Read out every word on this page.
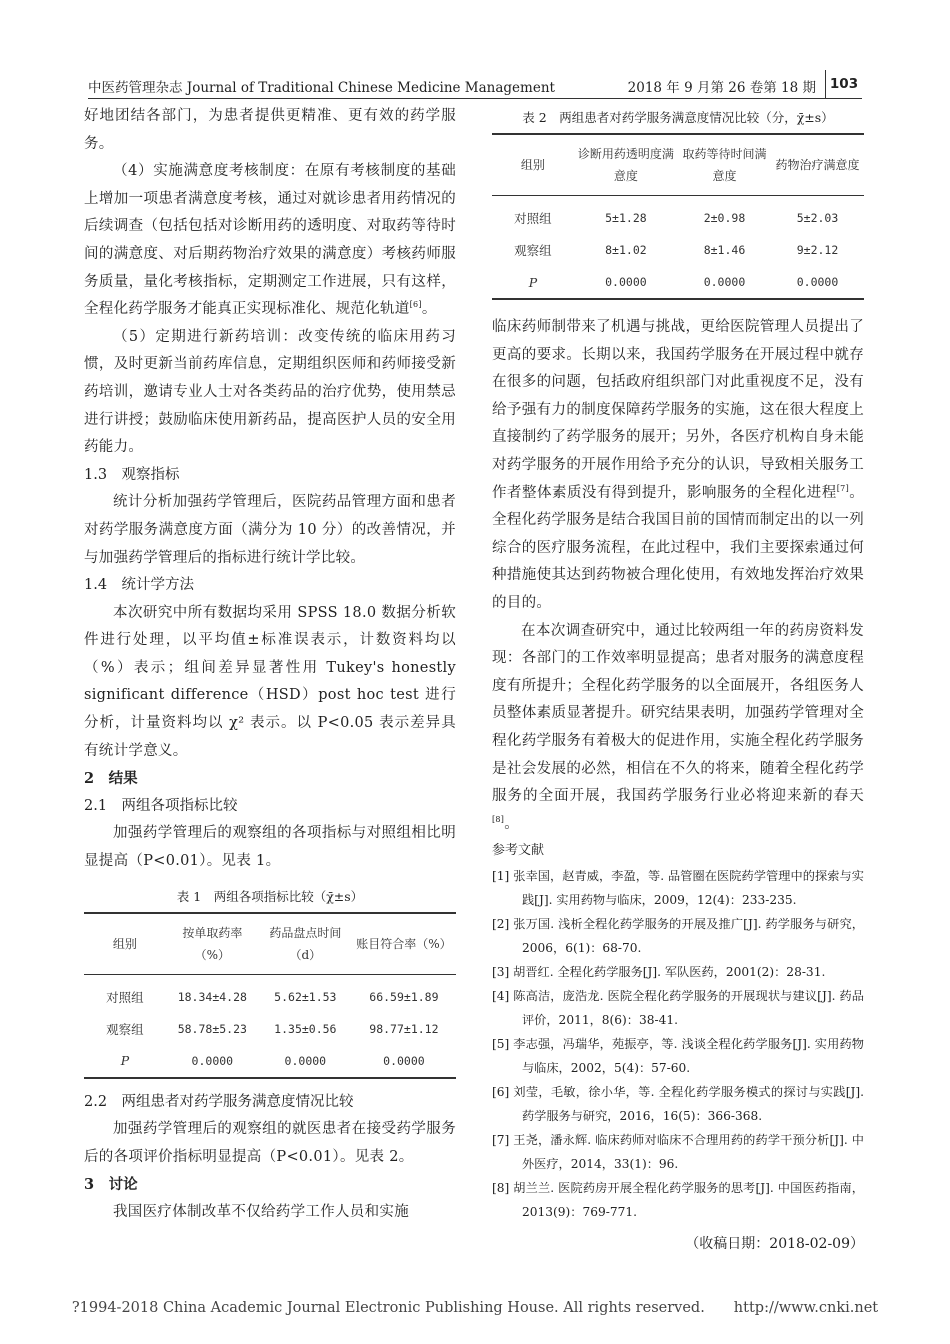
中医药管理杂志 Journal of Traditional Chinese Medicine Management	2018 年 9 月第 26 卷第 18 期	103

好地团结各部门，为患者提供更精准、更有效的药学服务。

（4）实施满意度考核制度：在原有考核制度的基础上增加一项患者满意度考核，通过对就诊患者用药情况的后续调查（包括包括对诊断用药的透明度、对取药等待时间的满意度、对后期药物治疗效果的满意度）考核药师服务质量，量化考核指标，定期测定工作进展，只有这样，全程化药学服务才能真正实现标准化、规范化轨道[6]。

（5）定期进行新药培训：改变传统的临床用药习惯，及时更新当前药库信息，定期组织医师和药师接受新药培训，邀请专业人士对各类药品的治疗优势，使用禁忌进行讲授；鼓励临床使用新药品，提高医护人员的安全用药能力。

1.3　观察指标

统计分析加强药学管理后，医院药品管理方面和患者对药学服务满意度方面（满分为 10 分）的改善情况，并与加强药学管理后的指标进行统计学比较。

1.4　统计学方法

本次研究中所有数据均采用 SPSS 18.0 数据分析软件进行处理，以平均值±标准误表示，计数资料均以（%）表示；组间差异显著性用 Tukey's honestly significant difference（HSD）post hoc test 进行分析，计量资料均以 χ² 表示。以 P<0.05 表示差异具有统计学意义。

2　结果

2.1　两组各项指标比较

加强药学管理后的观察组的各项指标与对照组相比明显提高（P<0.01）。见表 1。

表 1　两组各项指标比较（χ̄±s）

组别	按单取药率（%）	药品盘点时间（d）	账目符合率（%）
对照组	18.34±4.28	5.62±1.53	66.59±1.89
观察组	58.78±5.23	1.35±0.56	98.77±1.12
P	0.0000	0.0000	0.0000

2.2　两组患者对药学服务满意度情况比较

加强药学管理后的观察组的就医患者在接受药学服务后的各项评价指标明显提高（P<0.01）。见表 2。

3　讨论

我国医疗体制改革不仅给药学工作人员和实施

表 2　两组患者对药学服务满意度情况比较（分，χ̄±s）

组别	诊断用药透明度满意度	取药等待时间满意度	药物治疗满意度
对照组	5±1.28	2±0.98	5±2.03
观察组	8±1.02	8±1.46	9±2.12
P	0.0000	0.0000	0.0000

临床药师制带来了机遇与挑战，更给医院管理人员提出了更高的要求。长期以来，我国药学服务在开展过程中就存在很多的问题，包括政府组织部门对此重视度不足，没有给予强有力的制度保障药学服务的实施，这在很大程度上直接制约了药学服务的展开；另外，各医疗机构自身未能对药学服务的开展作用给予充分的认识，导致相关服务工作者整体素质没有得到提升，影响服务的全程化进程[7]。全程化药学服务是结合我国目前的国情而制定出的以一列综合的医疗服务流程，在此过程中，我们主要探索通过何种措施使其达到药物被合理化使用，有效地发挥治疗效果的目的。

在本次调查研究中，通过比较两组一年的药房资料发现：各部门的工作效率明显提高；患者对服务的满意度程度有所提升；全程化药学服务的以全面展开，各组医务人员整体素质显著提升。研究结果表明，加强药学管理对全程化药学服务有着极大的促进作用，实施全程化药学服务是社会发展的必然，相信在不久的将来，随着全程化药学服务的全面开展，我国药学服务行业必将迎来新的春天[8]。

参考文献

[1] 张幸国，赵青威，李盈，等. 品管圈在医院药学管理中的探索与实践[J]. 实用药物与临床，2009，12(4)：233-235.

[2] 张万国. 浅析全程化药学服务的开展及推广[J]. 药学服务与研究，2006，6(1)：68-70.

[3] 胡晋红. 全程化药学服务[J]. 军队医药，2001(2)：28-31.

[4] 陈高洁，庞浩龙. 医院全程化药学服务的开展现状与建议[J]. 药品评价，2011，8(6)：38-41.

[5] 李志强，冯瑞华，苑振亭，等. 浅谈全程化药学服务[J]. 实用药物与临床，2002，5(4)：57-60.

[6] 刘莹，毛敏，徐小华，等. 全程化药学服务模式的探讨与实践[J]. 药学服务与研究，2016，16(5)：366-368.

[7] 王尧，潘永辉. 临床药师对临床不合理用药的药学干预分析[J]. 中外医疗，2014，33(1)：96.

[8] 胡兰兰. 医院药房开展全程化药学服务的思考[J]. 中国医药指南，2013(9)：769-771.

（收稿日期：2018-02-09）

?1994-2018 China Academic Journal Electronic Publishing House. All rights reserved.　　http://www.cnki.net
